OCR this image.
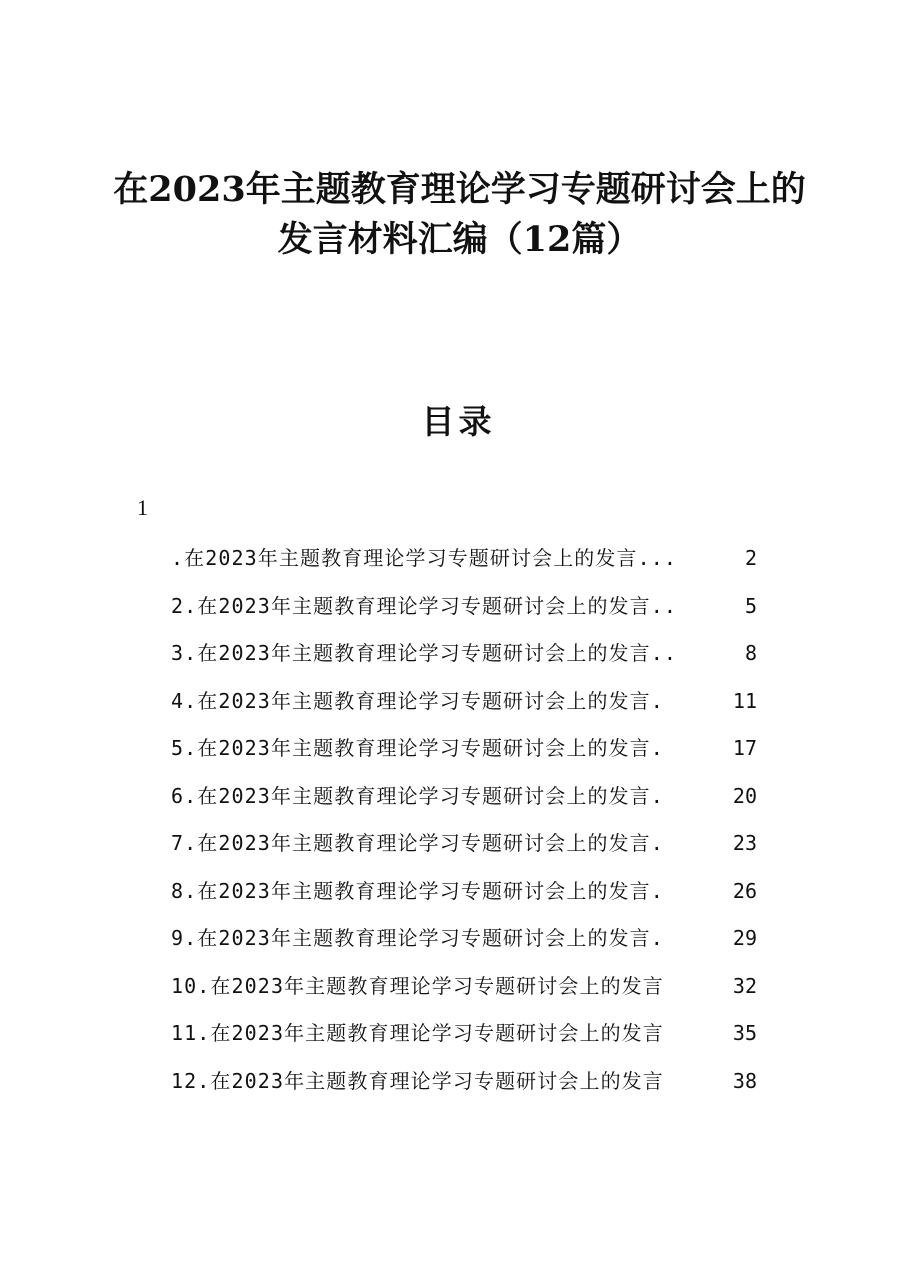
在2023年主题教育理论学习专题研讨会上的
发言材料汇编（12篇）
目录
1
.在2023年主题教育理论学习专题研讨会上的发言...	2
2.在2023年主题教育理论学习专题研讨会上的发言..	5
3.在2023年主题教育理论学习专题研讨会上的发言..	8
4.在2023年主题教育理论学习专题研讨会上的发言.	11
5.在2023年主题教育理论学习专题研讨会上的发言.	17
6.在2023年主题教育理论学习专题研讨会上的发言.	20
7.在2023年主题教育理论学习专题研讨会上的发言.	23
8.在2023年主题教育理论学习专题研讨会上的发言.	26
9.在2023年主题教育理论学习专题研讨会上的发言.	29
10.在2023年主题教育理论学习专题研讨会上的发言	32
11.在2023年主题教育理论学习专题研讨会上的发言	35
12.在2023年主题教育理论学习专题研讨会上的发言	38
